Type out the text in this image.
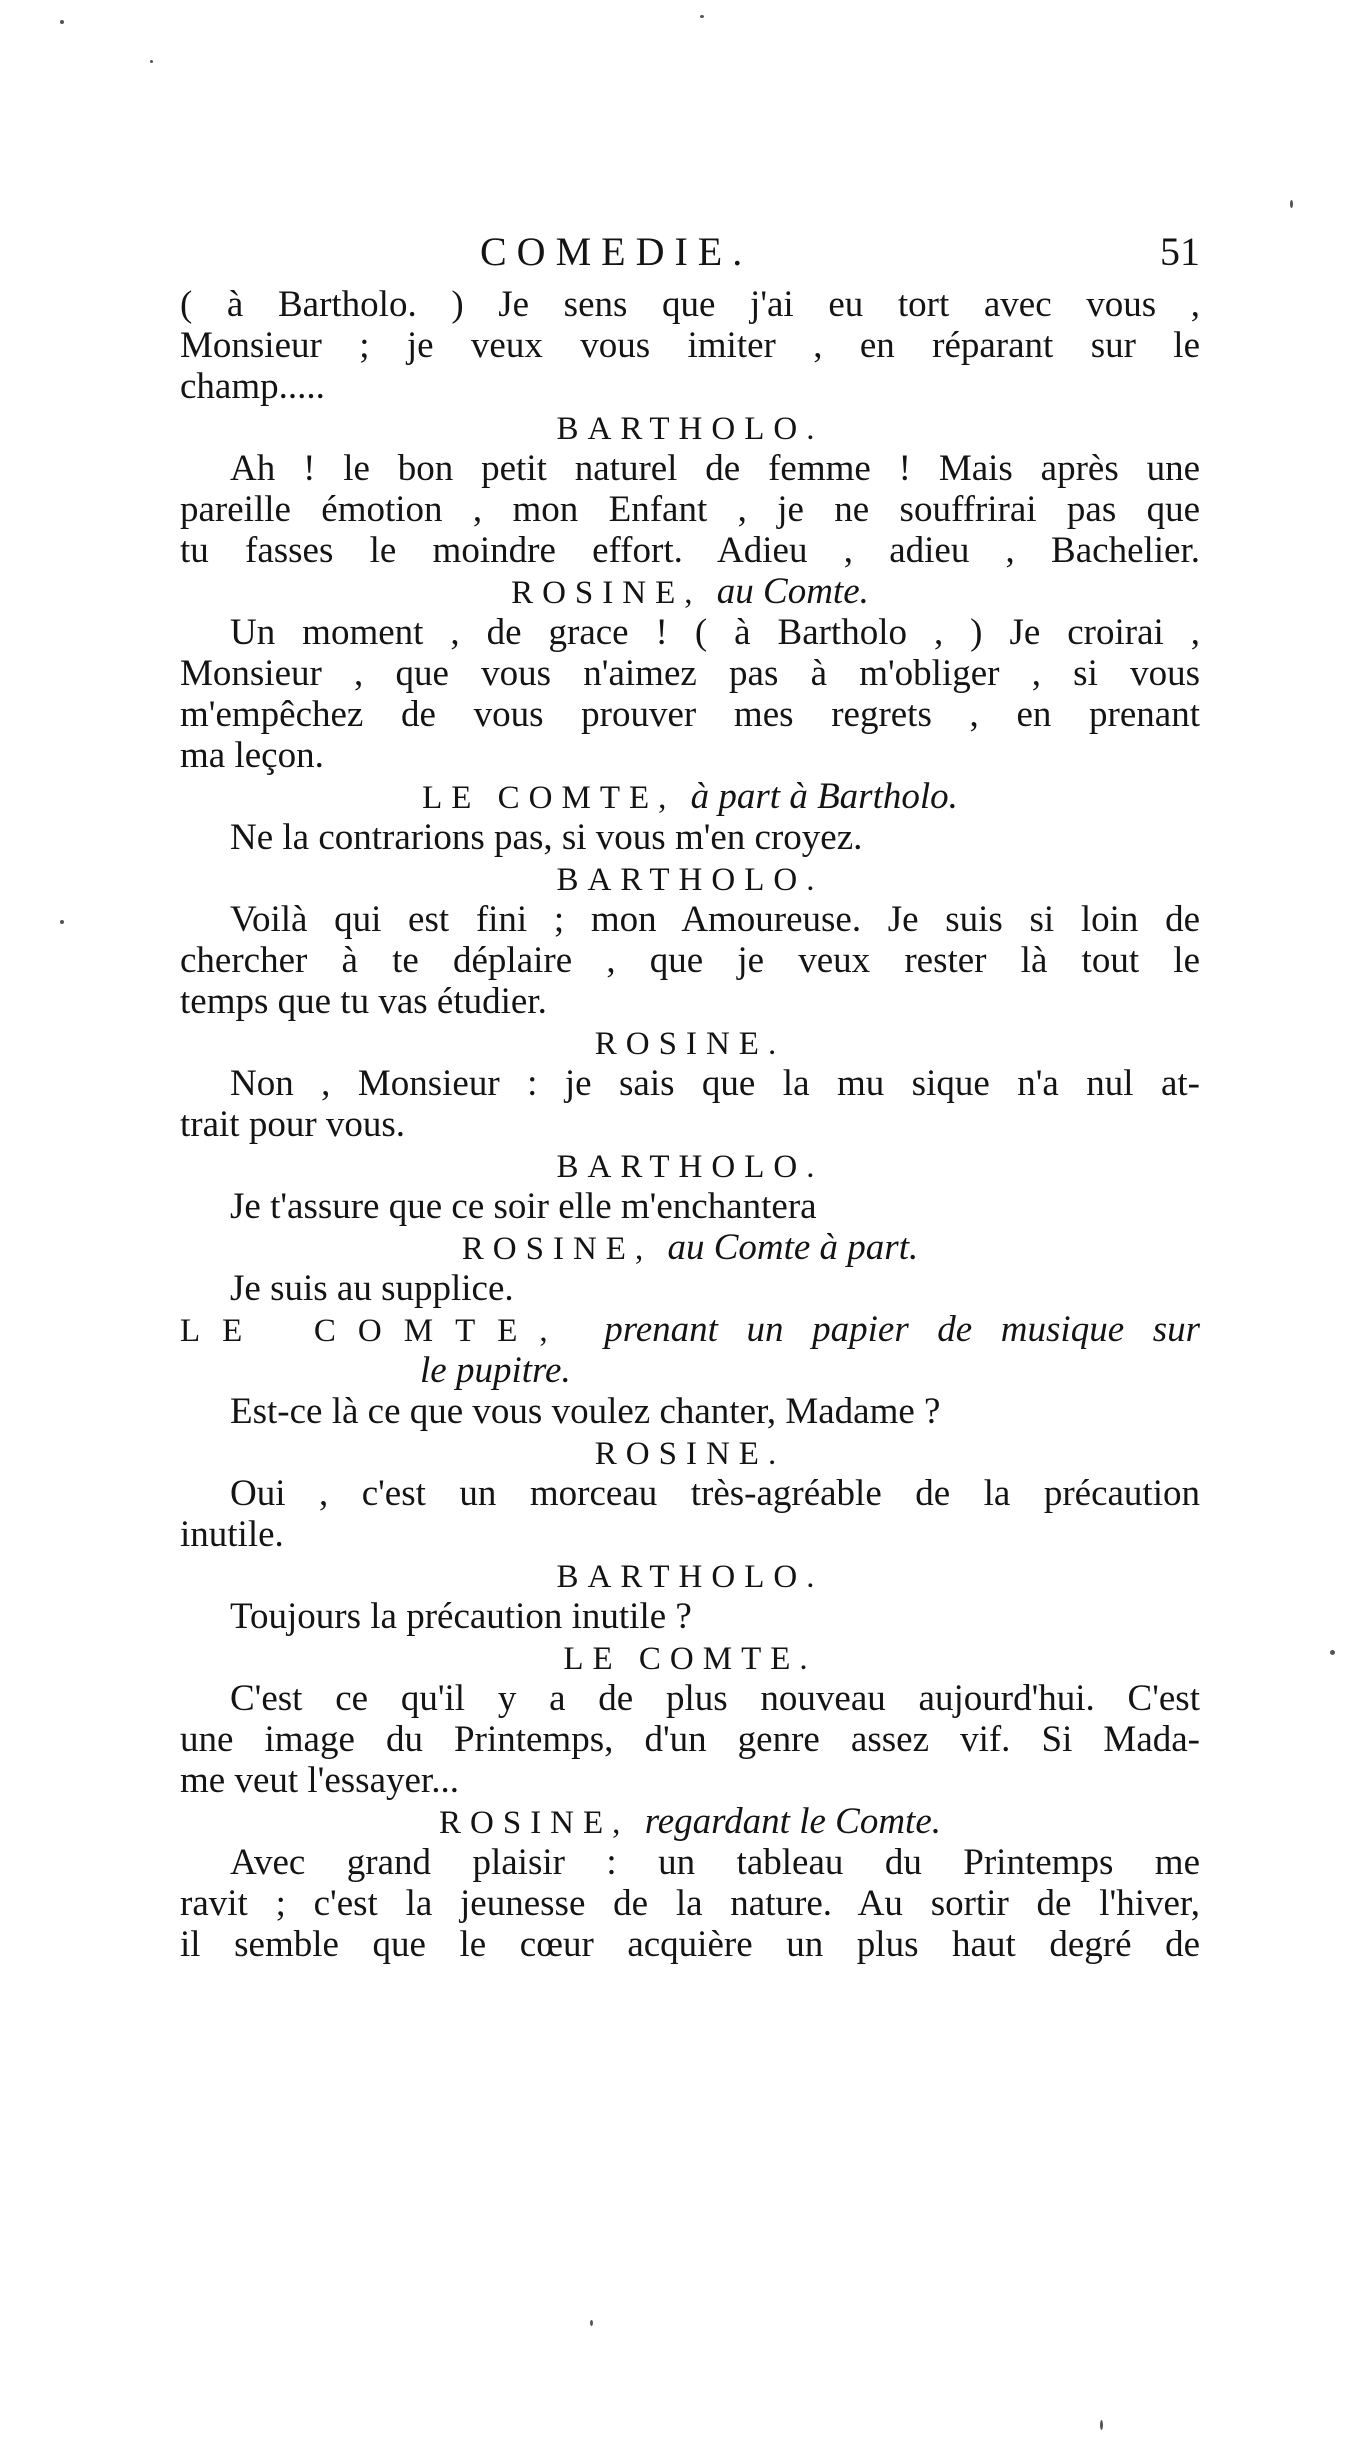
COMEDIE.	51
( à Bartholo. ) Je sens que j'ai eu tort avec vous ,
Monsieur ; je veux vous imiter , en réparant sur le
champ.....
BARTHOLO.
Ah ! le bon petit naturel de femme ! Mais après une
pareille émotion , mon Enfant , je ne souffrirai pas que
tu fasses le moindre effort. Adieu , adieu , Bachelier.
ROSINE, au Comte.
Un moment , de grace ! ( à Bartholo , ) Je croirai ,
Monsieur , que vous n'aimez pas à m'obliger , si vous
m'empêchez de vous prouver mes regrets , en prenant
ma leçon.
LE COMTE, à part à Bartholo.
Ne la contrarions pas, si vous m'en croyez.
BARTHOLO.
Voilà qui est fini ; mon Amoureuse. Je suis si loin de
chercher à te déplaire , que je veux rester là tout le
temps que tu vas étudier.
ROSINE.
Non , Monsieur : je sais que la mu sique n'a nul at-
trait pour vous.
BARTHOLO.
Je t'assure que ce soir elle m'enchantera
ROSINE, au Comte à part.
Je suis au supplice.
LE COMTE, prenant un papier de musique sur
le pupitre.
Est-ce là ce que vous voulez chanter, Madame ?
ROSINE.
Oui , c'est un morceau très-agréable de la précaution
inutile.
BARTHOLO.
Toujours la précaution inutile ?
LE COMTE.
C'est ce qu'il y a de plus nouveau aujourd'hui. C'est
une image du Printemps, d'un genre assez vif. Si Mada-
me veut l'essayer...
ROSINE, regardant le Comte.
Avec grand plaisir : un tableau du Printemps me
ravit ; c'est la jeunesse de la nature. Au sortir de l'hiver,
il semble que le cœur acquière un plus haut degré de
